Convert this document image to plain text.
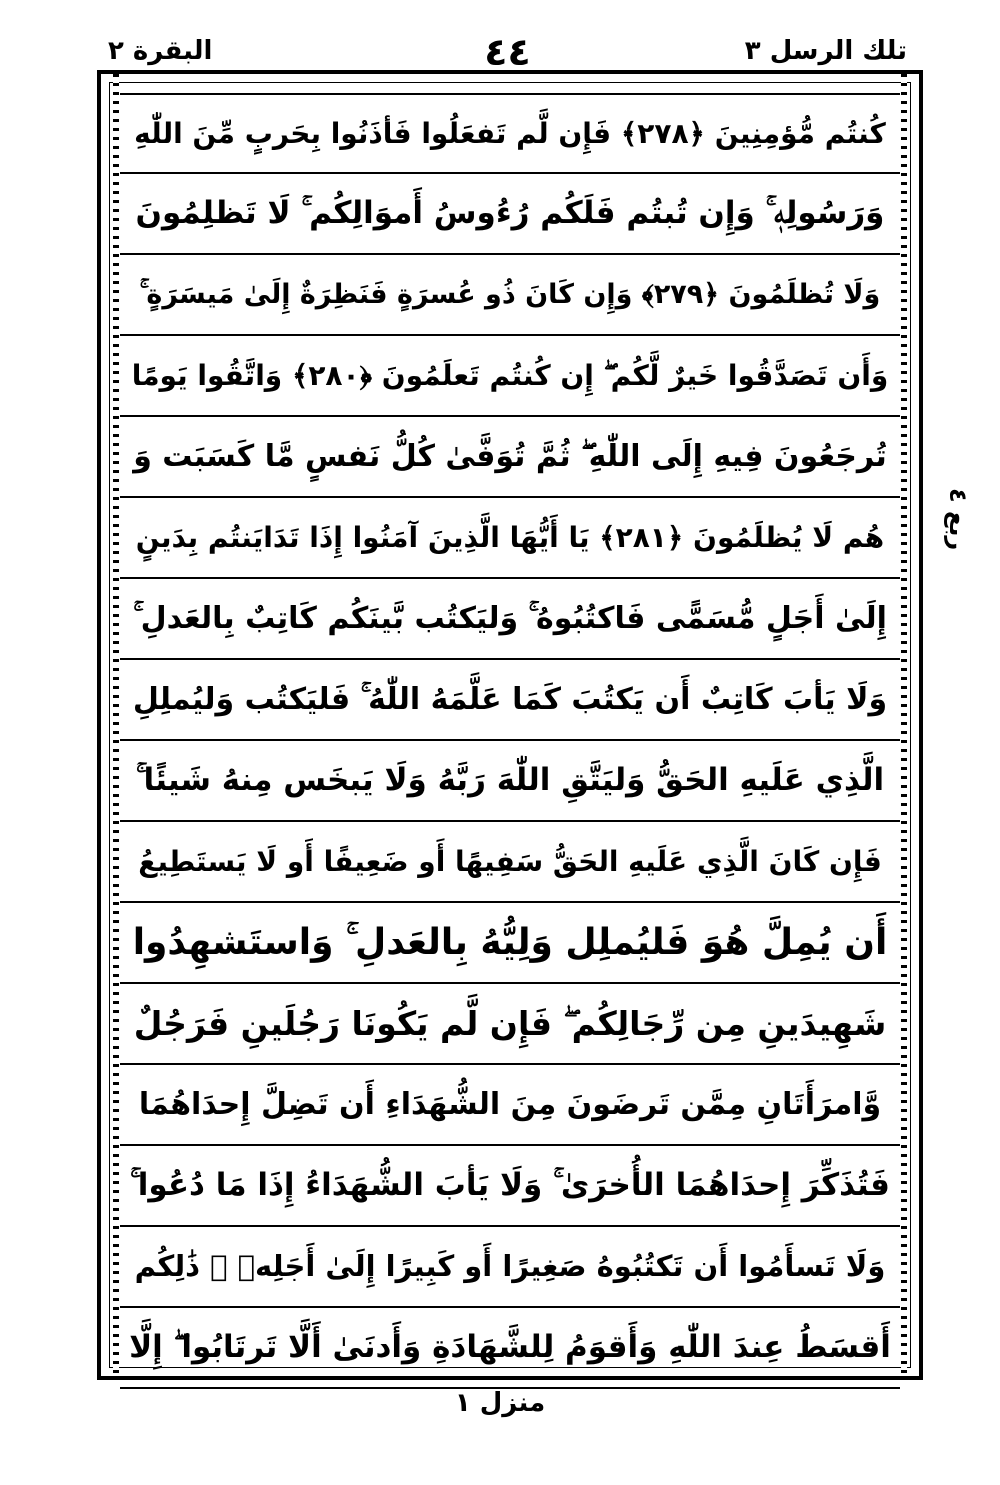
البقرة ۲	٤٤	تلك الرسل ٣
كُنتُم مُّؤمِنِينَ ﴿٢٧٨﴾ فَإِن لَّم تَفعَلُوا فَأذَنُوا بِحَربٍ مِّنَ اللّٰهِ
وَرَسُولِهٖ ۚ وَإِن تُبتُم فَلَكُم رُءُوسُ أَموَالِكُم ۚ لَا تَظلِمُونَ
وَلَا تُظلَمُونَ ﴿٢٧٩﴾ وَإِن كَانَ ذُو عُسرَةٍ فَنَظِرَةٌ إِلَىٰ مَيسَرَةٍ ۚ
وَأَن تَصَدَّقُوا خَيرٌ لَّكُم ۖ إِن كُنتُم تَعلَمُونَ ﴿٢٨٠﴾ وَاتَّقُوا يَومًا
تُرجَعُونَ فِيهِ إِلَى اللّٰهِ ۖ ثُمَّ تُوَفَّىٰ كُلُّ نَفسٍ مَّا كَسَبَت وَ
هُم لَا يُظلَمُونَ ﴿٢٨١﴾ يَا أَيُّهَا الَّذِينَ آمَنُوا إِذَا تَدَايَنتُم بِدَينٍ
إِلَىٰ أَجَلٍ مُّسَمًّى فَاكتُبُوهُ ۚ وَليَكتُب بَّينَكُم كَاتِبٌ بِالعَدلِ ۚ
وَلَا يَأبَ كَاتِبٌ أَن يَكتُبَ كَمَا عَلَّمَهُ اللّٰهُ ۚ فَليَكتُب وَليُملِلِ
الَّذِي عَلَيهِ الحَقُّ وَليَتَّقِ اللّٰهَ رَبَّهُ وَلَا يَبخَس مِنهُ شَيئًا ۚ
فَإِن كَانَ الَّذِي عَلَيهِ الحَقُّ سَفِيهًا أَو ضَعِيفًا أَو لَا يَستَطِيعُ
أَن يُمِلَّ هُوَ فَليُملِل وَلِيُّهُ بِالعَدلِ ۚ وَاستَشهِدُوا
شَهِيدَينِ مِن رِّجَالِكُم ۖ فَإِن لَّم يَكُونَا رَجُلَينِ فَرَجُلٌ
وَّامرَأَتَانِ مِمَّن تَرضَونَ مِنَ الشُّهَدَاءِ أَن تَضِلَّ إِحدَاهُمَا
فَتُذَكِّرَ إِحدَاهُمَا الأُخرَىٰ ۚ وَلَا يَأبَ الشُّهَدَاءُ إِذَا مَا دُعُوا ۚ
وَلَا تَسأَمُوا أَن تَكتُبُوهُ صَغِيرًا أَو كَبِيرًا إِلَىٰ أَجَلِهٖ ۚ ذَٰلِكُم
أَقسَطُ عِندَ اللّٰهِ وَأَقوَمُ لِلشَّهَادَةِ وَأَدنَىٰ أَلَّا تَرتَابُوا ۖ إِلَّا
ربع ٤
منزل ١
